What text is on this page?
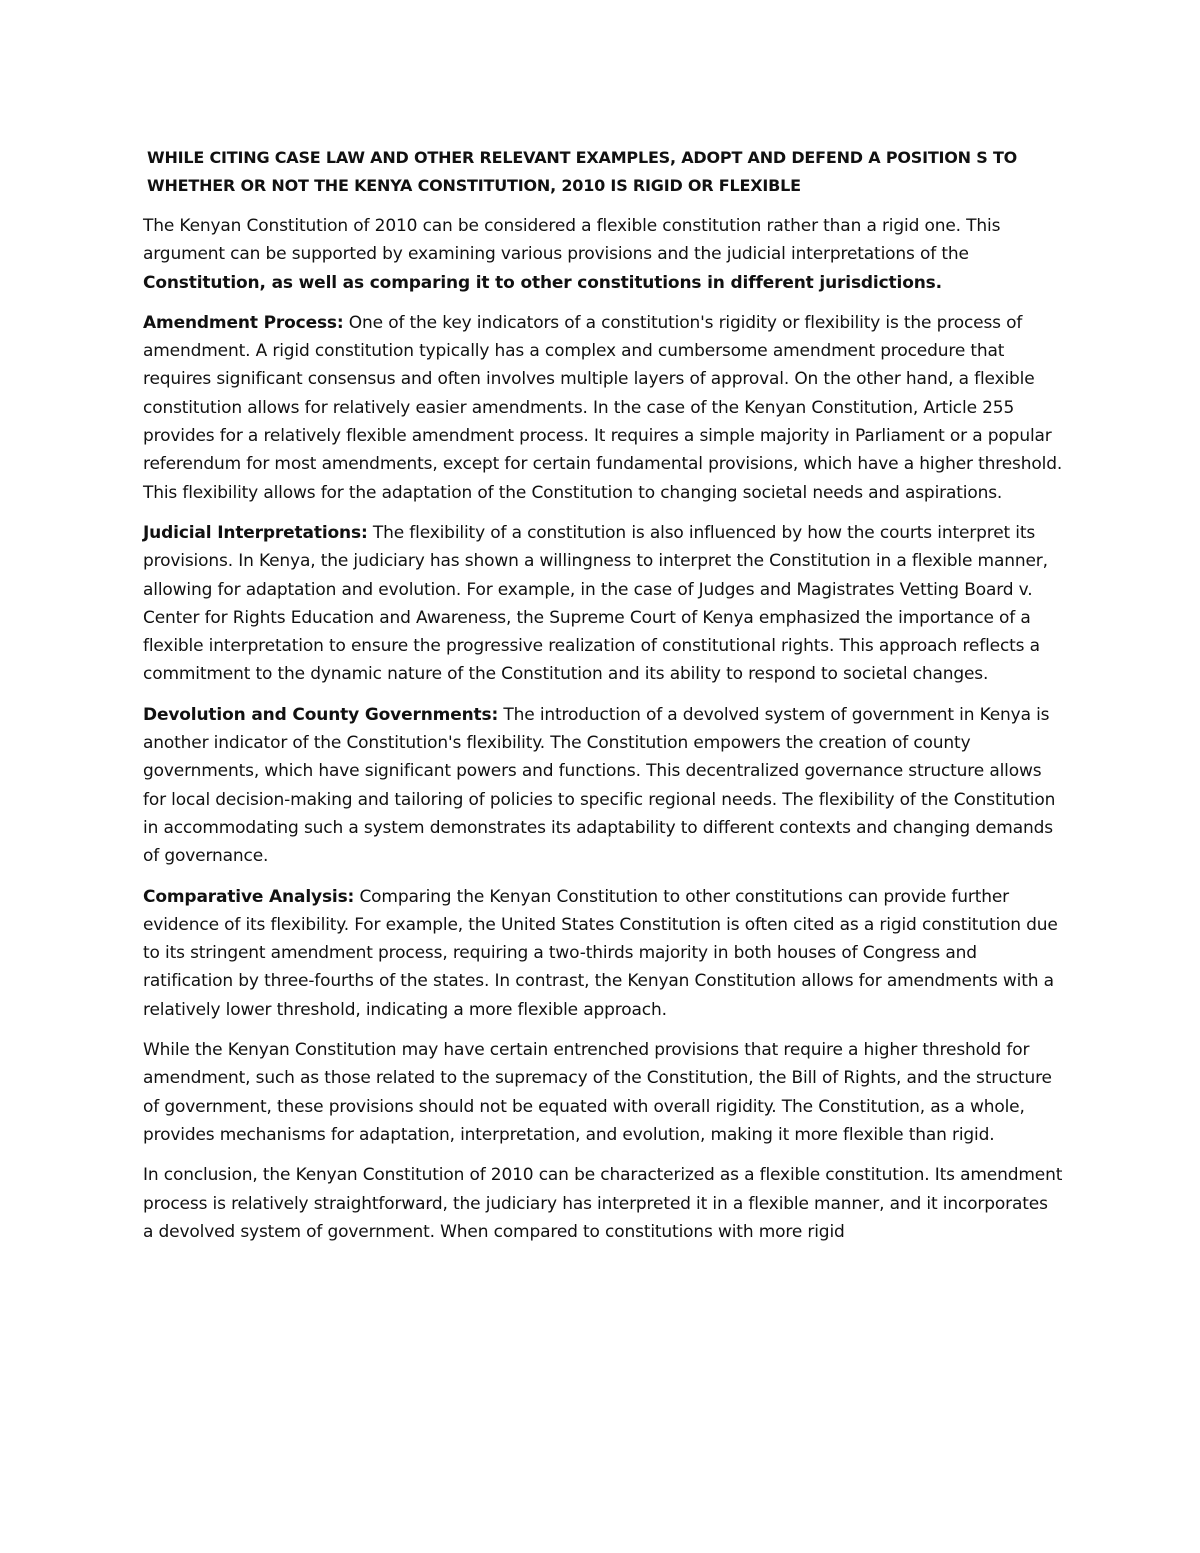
WHILE CITING CASE LAW AND OTHER RELEVANT EXAMPLES, ADOPT AND DEFEND A POSITION S TO WHETHER OR NOT THE KENYA CONSTITUTION, 2010 IS RIGID OR FLEXIBLE

The Kenyan Constitution of 2010 can be considered a flexible constitution rather than a rigid one. This argument can be supported by examining various provisions and the judicial interpretations of the Constitution, as well as comparing it to other constitutions in different jurisdictions.

Amendment Process: One of the key indicators of a constitution's rigidity or flexibility is the process of amendment. A rigid constitution typically has a complex and cumbersome amendment procedure that requires significant consensus and often involves multiple layers of approval. On the other hand, a flexible constitution allows for relatively easier amendments. In the case of the Kenyan Constitution, Article 255 provides for a relatively flexible amendment process. It requires a simple majority in Parliament or a popular referendum for most amendments, except for certain fundamental provisions, which have a higher threshold. This flexibility allows for the adaptation of the Constitution to changing societal needs and aspirations.

Judicial Interpretations: The flexibility of a constitution is also influenced by how the courts interpret its provisions. In Kenya, the judiciary has shown a willingness to interpret the Constitution in a flexible manner, allowing for adaptation and evolution. For example, in the case of Judges and Magistrates Vetting Board v. Center for Rights Education and Awareness, the Supreme Court of Kenya emphasized the importance of a flexible interpretation to ensure the progressive realization of constitutional rights. This approach reflects a commitment to the dynamic nature of the Constitution and its ability to respond to societal changes.

Devolution and County Governments: The introduction of a devolved system of government in Kenya is another indicator of the Constitution's flexibility. The Constitution empowers the creation of county governments, which have significant powers and functions. This decentralized governance structure allows for local decision-making and tailoring of policies to specific regional needs. The flexibility of the Constitution in accommodating such a system demonstrates its adaptability to different contexts and changing demands of governance.

Comparative Analysis: Comparing the Kenyan Constitution to other constitutions can provide further evidence of its flexibility. For example, the United States Constitution is often cited as a rigid constitution due to its stringent amendment process, requiring a two-thirds majority in both houses of Congress and ratification by three-fourths of the states. In contrast, the Kenyan Constitution allows for amendments with a relatively lower threshold, indicating a more flexible approach.

While the Kenyan Constitution may have certain entrenched provisions that require a higher threshold for amendment, such as those related to the supremacy of the Constitution, the Bill of Rights, and the structure of government, these provisions should not be equated with overall rigidity. The Constitution, as a whole, provides mechanisms for adaptation, interpretation, and evolution, making it more flexible than rigid.

In conclusion, the Kenyan Constitution of 2010 can be characterized as a flexible constitution. Its amendment process is relatively straightforward, the judiciary has interpreted it in a flexible manner, and it incorporates a devolved system of government. When compared to constitutions with more rigid
